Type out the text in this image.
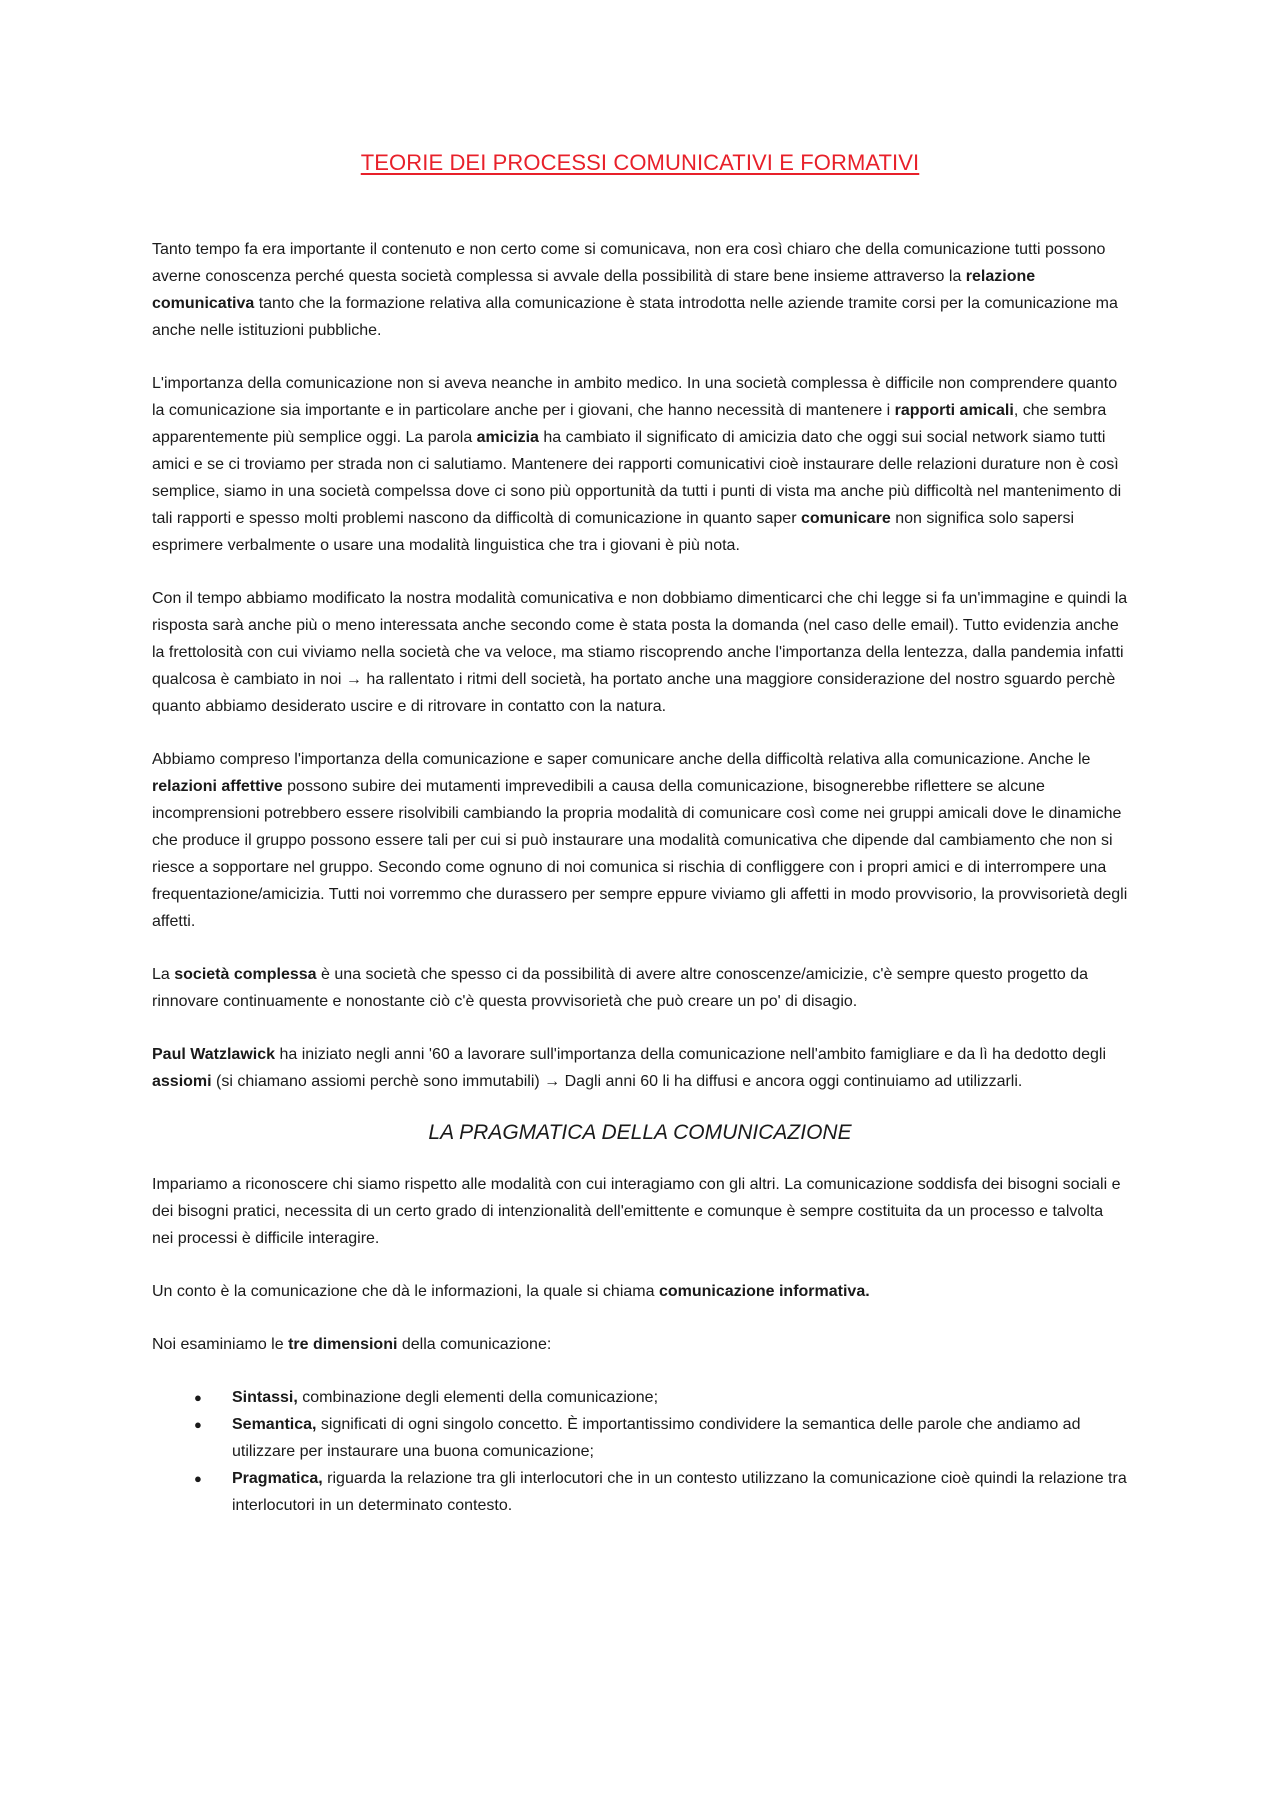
TEORIE DEI PROCESSI COMUNICATIVI E FORMATIVI

Tanto tempo fa era importante il contenuto e non certo come si comunicava, non era così chiaro che della comunicazione tutti possono averne conoscenza perché questa società complessa si avvale della possibilità di stare bene insieme attraverso la relazione comunicativa tanto che la formazione relativa alla comunicazione è stata introdotta nelle aziende tramite corsi per la comunicazione ma anche nelle istituzioni pubbliche.

L'importanza della comunicazione non si aveva neanche in ambito medico. In una società complessa è difficile non comprendere quanto la comunicazione sia importante e in particolare anche per i giovani, che hanno necessità di mantenere i rapporti amicali, che sembra apparentemente più semplice oggi. La parola amicizia ha cambiato il significato di amicizia dato che oggi sui social network siamo tutti amici e se ci troviamo per strada non ci salutiamo. Mantenere dei rapporti comunicativi cioè instaurare delle relazioni durature non è così semplice, siamo in una società compelssa dove ci sono più opportunità da tutti i punti di vista ma anche più difficoltà nel mantenimento di tali rapporti e spesso molti problemi nascono da difficoltà di comunicazione in quanto saper comunicare non significa solo sapersi esprimere verbalmente o usare una modalità linguistica che tra i giovani è più nota.

Con il tempo abbiamo modificato la nostra modalità comunicativa e non dobbiamo dimenticarci che chi legge si fa un'immagine e quindi la risposta sarà anche più o meno interessata anche secondo come è stata posta la domanda (nel caso delle email). Tutto evidenzia anche la frettolosità con cui viviamo nella società che va veloce, ma stiamo riscoprendo anche l'importanza della lentezza, dalla pandemia infatti qualcosa è cambiato in noi → ha rallentato i ritmi dell società, ha portato anche una maggiore considerazione del nostro sguardo perchè quanto abbiamo desiderato uscire e di ritrovare in contatto con la natura.

Abbiamo compreso l'importanza della comunicazione e saper comunicare anche della difficoltà relativa alla comunicazione. Anche le relazioni affettive possono subire dei mutamenti imprevedibili a causa della comunicazione, bisognerebbe riflettere se alcune incomprensioni potrebbero essere risolvibili cambiando la propria modalità di comunicare così come nei gruppi amicali dove le dinamiche che produce il gruppo possono essere tali per cui si può instaurare una modalità comunicativa che dipende dal cambiamento che non si riesce a sopportare nel gruppo. Secondo come ognuno di noi comunica si rischia di confliggere con i propri amici e di interrompere una frequentazione/amicizia. Tutti noi vorremmo che durassero per sempre eppure viviamo gli affetti in modo provvisorio, la provvisorietà degli affetti.

La società complessa è una società che spesso ci da possibilità di avere altre conoscenze/amicizie, c'è sempre questo progetto da rinnovare continuamente e nonostante ciò c'è questa provvisorietà che può creare un po' di disagio.

Paul Watzlawick ha iniziato negli anni '60 a lavorare sull'importanza della comunicazione nell'ambito famigliare e da lì ha dedotto degli assiomi (si chiamano assiomi perchè sono immutabili) → Dagli anni 60 li ha diffusi e ancora oggi continuiamo ad utilizzarli.

LA PRAGMATICA DELLA COMUNICAZIONE

Impariamo a riconoscere chi siamo rispetto alle modalità con cui interagiamo con gli altri. La comunicazione soddisfa dei bisogni sociali e dei bisogni pratici, necessita di un certo grado di intenzionalità dell'emittente e comunque è sempre costituita da un processo e talvolta nei processi è difficile interagire.

Un conto è la comunicazione che dà le informazioni, la quale si chiama comunicazione informativa.

Noi esaminiamo le tre dimensioni della comunicazione:

● Sintassi, combinazione degli elementi della comunicazione;
● Semantica, significati di ogni singolo concetto. È importantissimo condividere la semantica delle parole che andiamo ad utilizzare per instaurare una buona comunicazione;
● Pragmatica, riguarda la relazione tra gli interlocutori che in un contesto utilizzano la comunicazione cioè quindi la relazione tra interlocutori in un determinato contesto.
